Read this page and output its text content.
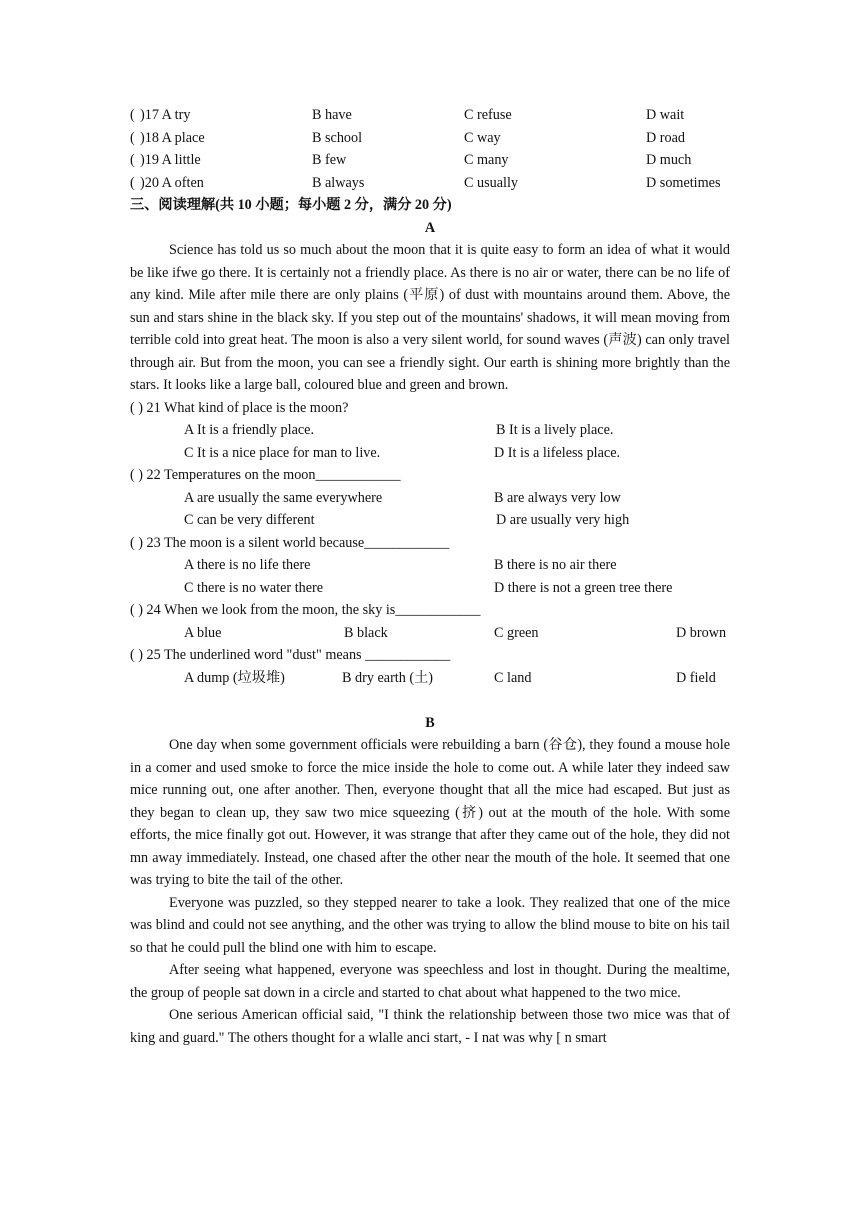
( )17 A try	B have	C refuse	D wait
( )18 A place	B school	C way	D road
( )19 A little	B few	C many	D much
( )20 A often	B always	C usually	D sometimes
三、阅读理解(共 10 小题；每小题 2 分，满分 20 分)
A

Science has told us so much about the moon that it is quite easy to form an idea of what it would be like ifwe go there. It is certainly not a friendly place. As there is no air or water, there can be no life of any kind. Mile after mile there are only plains (平原) of dust with mountains around them. Above, the sun and stars shine in the black sky. If you step out of the mountains' shadows, it will mean moving from terrible cold into great heat. The moon is also a very silent world, for sound waves (声波) can only travel through air. But from the moon, you can see a friendly sight. Our earth is shining more brightly than the stars. It looks like a large ball, coloured blue and green and brown.

( ) 21 What kind of place is the moon?
A It is a friendly place.	B It is a lively place.
C It is a nice place for man to live.	D It is a lifeless place.
( ) 22 Temperatures on the moon____________
A are usually the same everywhere	B are always very low
C can be very different	D are usually very high
( ) 23 The moon is a silent world because____________
A there is no life there	B there is no air there
C there is no water there	D there is not a green tree there
( ) 24 When we look from the moon, the sky is____________
A blue	B black	C green	D brown
( ) 25 The underlined word "dust" means ____________
A dump (垃圾堆)	B dry earth (土)	C land	D field
B

One day when some government officials were rebuilding a barn (谷仓), they found a mouse hole in a comer and used smoke to force the mice inside the hole to come out. A while later they indeed saw mice running out, one after another. Then, everyone thought that all the mice had escaped. But just as they began to clean up, they saw two mice squeezing (挤) out at the mouth of the hole. With some efforts, the mice finally got out. However, it was strange that after they came out of the hole, they did not mn away immediately. Instead, one chased after the other near the mouth of the hole. It seemed that one was trying to bite the tail of the other.

Everyone was puzzled, so they stepped nearer to take a look. They realized that one of the mice was blind and could not see anything, and the other was trying to allow the blind mouse to bite on his tail so that he could pull the blind one with him to escape.

After seeing what happened, everyone was speechless and lost in thought. During the mealtime, the group of people sat down in a circle and started to chat about what happened to the two mice.

One serious American official said, "I think the relationship between those two mice was that of king and guard." The others thought for a wlalle anci start, - I nat was why [ n smart
